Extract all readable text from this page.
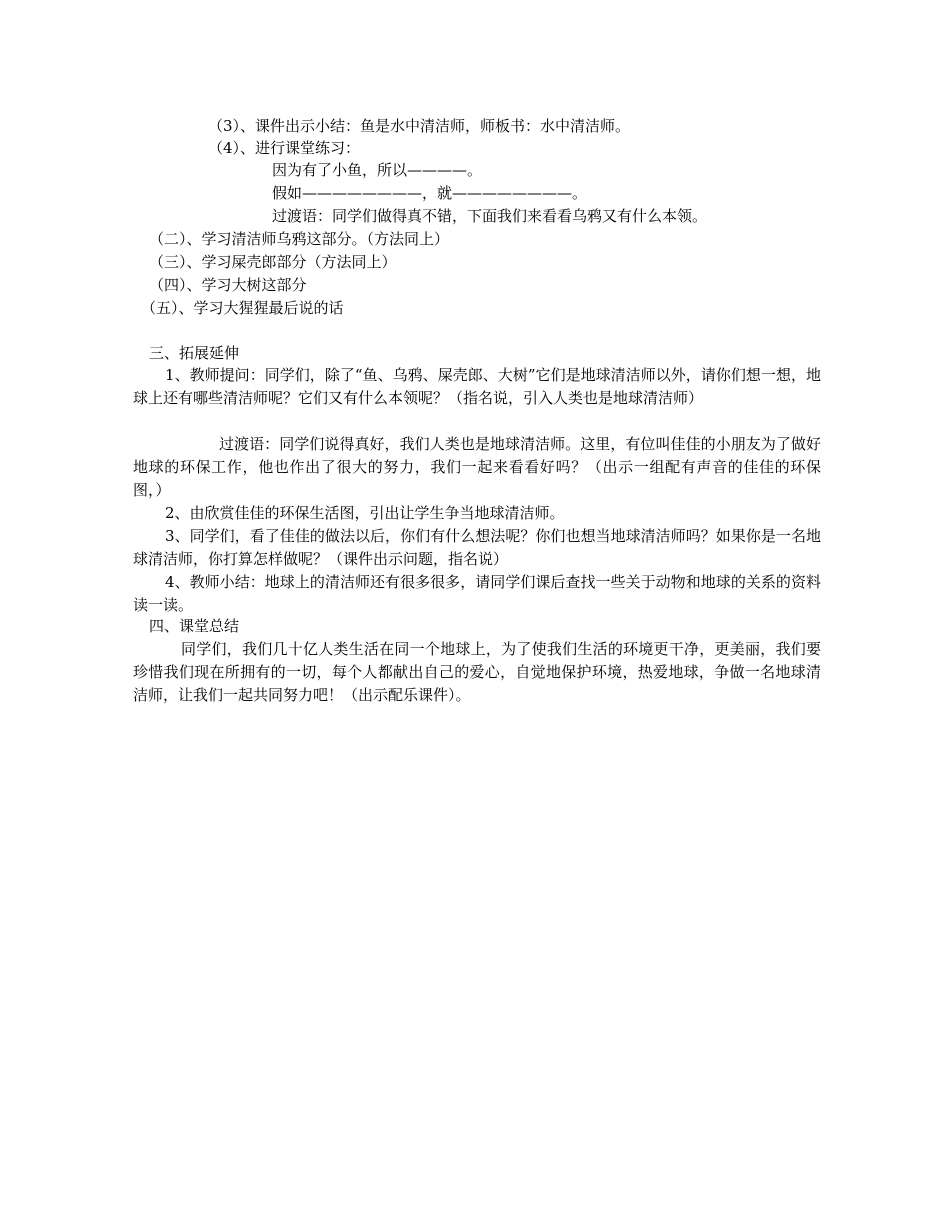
（3）、课件出示小结：鱼是水中清洁师，师板书：水中清洁师。
（4）、进行课堂练习：
因为有了小鱼，所以————。
假如————————，就————————。
过渡语：同学们做得真不错，下面我们来看看乌鸦又有什么本领。
（二）、学习清洁师乌鸦这部分。（方法同上）
（三）、学习屎壳郎部分（方法同上）
（四）、学习大树这部分
（五）、学习大猩猩最后说的话
三、拓展延伸
1、教师提问：同学们，除了“鱼、乌鸦、屎壳郎、大树”它们是地球清洁师以外，请你们想一想，地球上还有哪些清洁师呢？它们又有什么本领呢？（指名说，引入人类也是地球清洁师）
过渡语：同学们说得真好，我们人类也是地球清洁师。这里，有位叫佳佳的小朋友为了做好地球的环保工作，他也作出了很大的努力，我们一起来看看好吗？（出示一组配有声音的佳佳的环保图，）
2、由欣赏佳佳的环保生活图，引出让学生争当地球清洁师。
3、同学们，看了佳佳的做法以后，你们有什么想法呢？你们也想当地球清洁师吗？如果你是一名地球清洁师，你打算怎样做呢？（课件出示问题，指名说）
4、教师小结：地球上的清洁师还有很多很多，请同学们课后查找一些关于动物和地球的关系的资料读一读。
四、课堂总结
同学们，我们几十亿人类生活在同一个地球上，为了使我们生活的环境更干净，更美丽，我们要珍惜我们现在所拥有的一切，每个人都献出自己的爱心，自觉地保护环境，热爱地球，争做一名地球清洁师，让我们一起共同努力吧！（出示配乐课件）。
